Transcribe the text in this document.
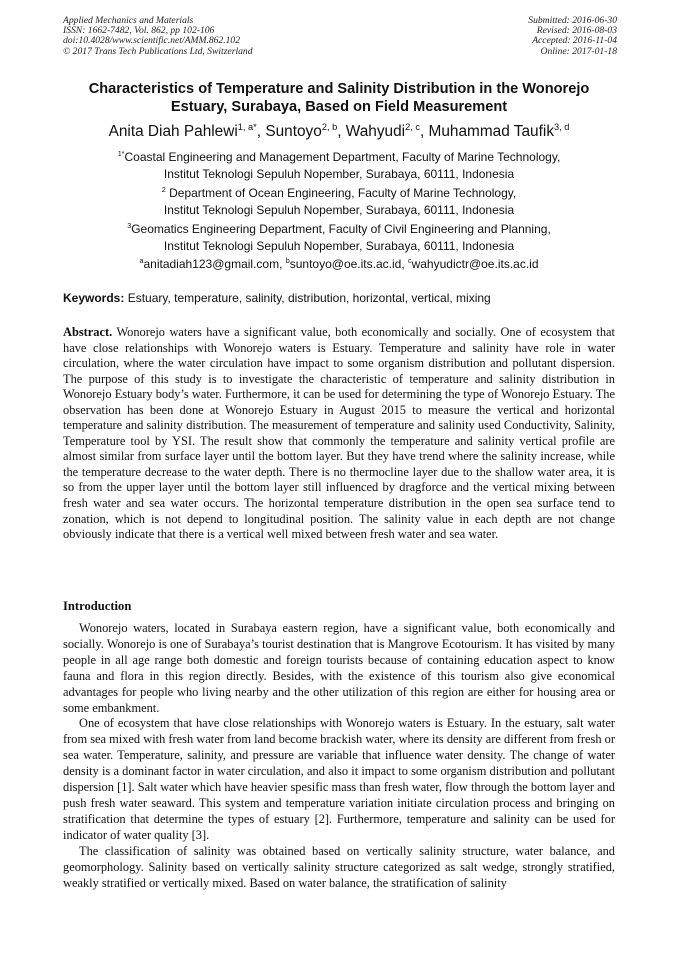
Applied Mechanics and Materials
ISSN: 1662-7482, Vol. 862, pp 102-106
doi:10.4028/www.scientific.net/AMM.862.102
© 2017 Trans Tech Publications Ltd, Switzerland
Submitted: 2016-06-30
Revised: 2016-08-03
Accepted: 2016-11-04
Online: 2017-01-18
Characteristics of Temperature and Salinity Distribution in the Wonorejo
Estuary, Surabaya, Based on Field Measurement
Anita Diah Pahlewi$^{1, a*}$, Suntoyo$^{2, b}$, Wahyudi$^{2, c}$, Muhammad Taufik$^{3, d}$
$^{1*}$Coastal Engineering and Management Department, Faculty of Marine Technology,
Institut Teknologi Sepuluh Nopember, Surabaya, 60111, Indonesia
$^2$ Department of Ocean Engineering, Faculty of Marine Technology,
Institut Teknologi Sepuluh Nopember, Surabaya, 60111, Indonesia
$^3$Geomatics Engineering Department, Faculty of Civil Engineering and Planning,
Institut Teknologi Sepuluh Nopember, Surabaya, 60111, Indonesia
$^a$anitadiah123@gmail.com, $^b$suntoyo@oe.its.ac.id, $^c$wahyudictr@oe.its.ac.id
Keywords: Estuary, temperature, salinity, distribution, horizontal, vertical, mixing

Abstract. Wonorejo waters have a significant value, both economically and socially. One of ecosystem that have close relationships with Wonorejo waters is Estuary. Temperature and salinity have role in water circulation, where the water circulation have impact to some organism distribution and pollutant dispersion. The purpose of this study is to investigate the characteristic of temperature and salinity distribution in Wonorejo Estuary body’s water. Furthermore, it can be used for determining the type of Wonorejo Estuary. The observation has been done at Wonorejo Estuary in August 2015 to measure the vertical and horizontal temperature and salinity distribution. The measurement of temperature and salinity used Conductivity, Salinity, Temperature tool by YSI. The result show that commonly the temperature and salinity vertical profile are almost similar from surface layer until the bottom layer. But they have trend where the salinity increase, while the temperature decrease to the water depth. There is no thermocline layer due to the shallow water area, it is so from the upper layer until the bottom layer still influenced by dragforce and the vertical mixing between fresh water and sea water occurs. The horizontal temperature distribution in the open sea surface tend to zonation, which is not depend to longitudinal position. The salinity value in each depth are not change obviously indicate that there is a vertical well mixed between fresh water and sea water.

Introduction

Wonorejo waters, located in Surabaya eastern region, have a significant value, both economically and socially. Wonorejo is one of Surabaya’s tourist destination that is Mangrove Ecotourism. It has visited by many people in all age range both domestic and foreign tourists because of containing education aspect to know fauna and flora in this region directly. Besides, with the existence of this tourism also give economical advantages for people who living nearby and the other utilization of this region are either for housing area or some embankment.

One of ecosystem that have close relationships with Wonorejo waters is Estuary. In the estuary, salt water from sea mixed with fresh water from land become brackish water, where its density are different from fresh or sea water. Temperature, salinity, and pressure are variable that influence water density. The change of water density is a dominant factor in water circulation, and also it impact to some organism distribution and pollutant dispersion [1]. Salt water which have heavier spesific mass than fresh water, flow through the bottom layer and push fresh water seaward. This system and temperature variation initiate circulation process and bringing on stratification that determine the types of estuary [2]. Furthermore, temperature and salinity can be used for indicator of water quality [3].

The classification of salinity was obtained based on vertically salinity structure, water balance, and geomorphology. Salinity based on vertically salinity structure categorized as salt wedge, strongly stratified, weakly stratified or vertically mixed. Based on water balance, the stratification of salinity
